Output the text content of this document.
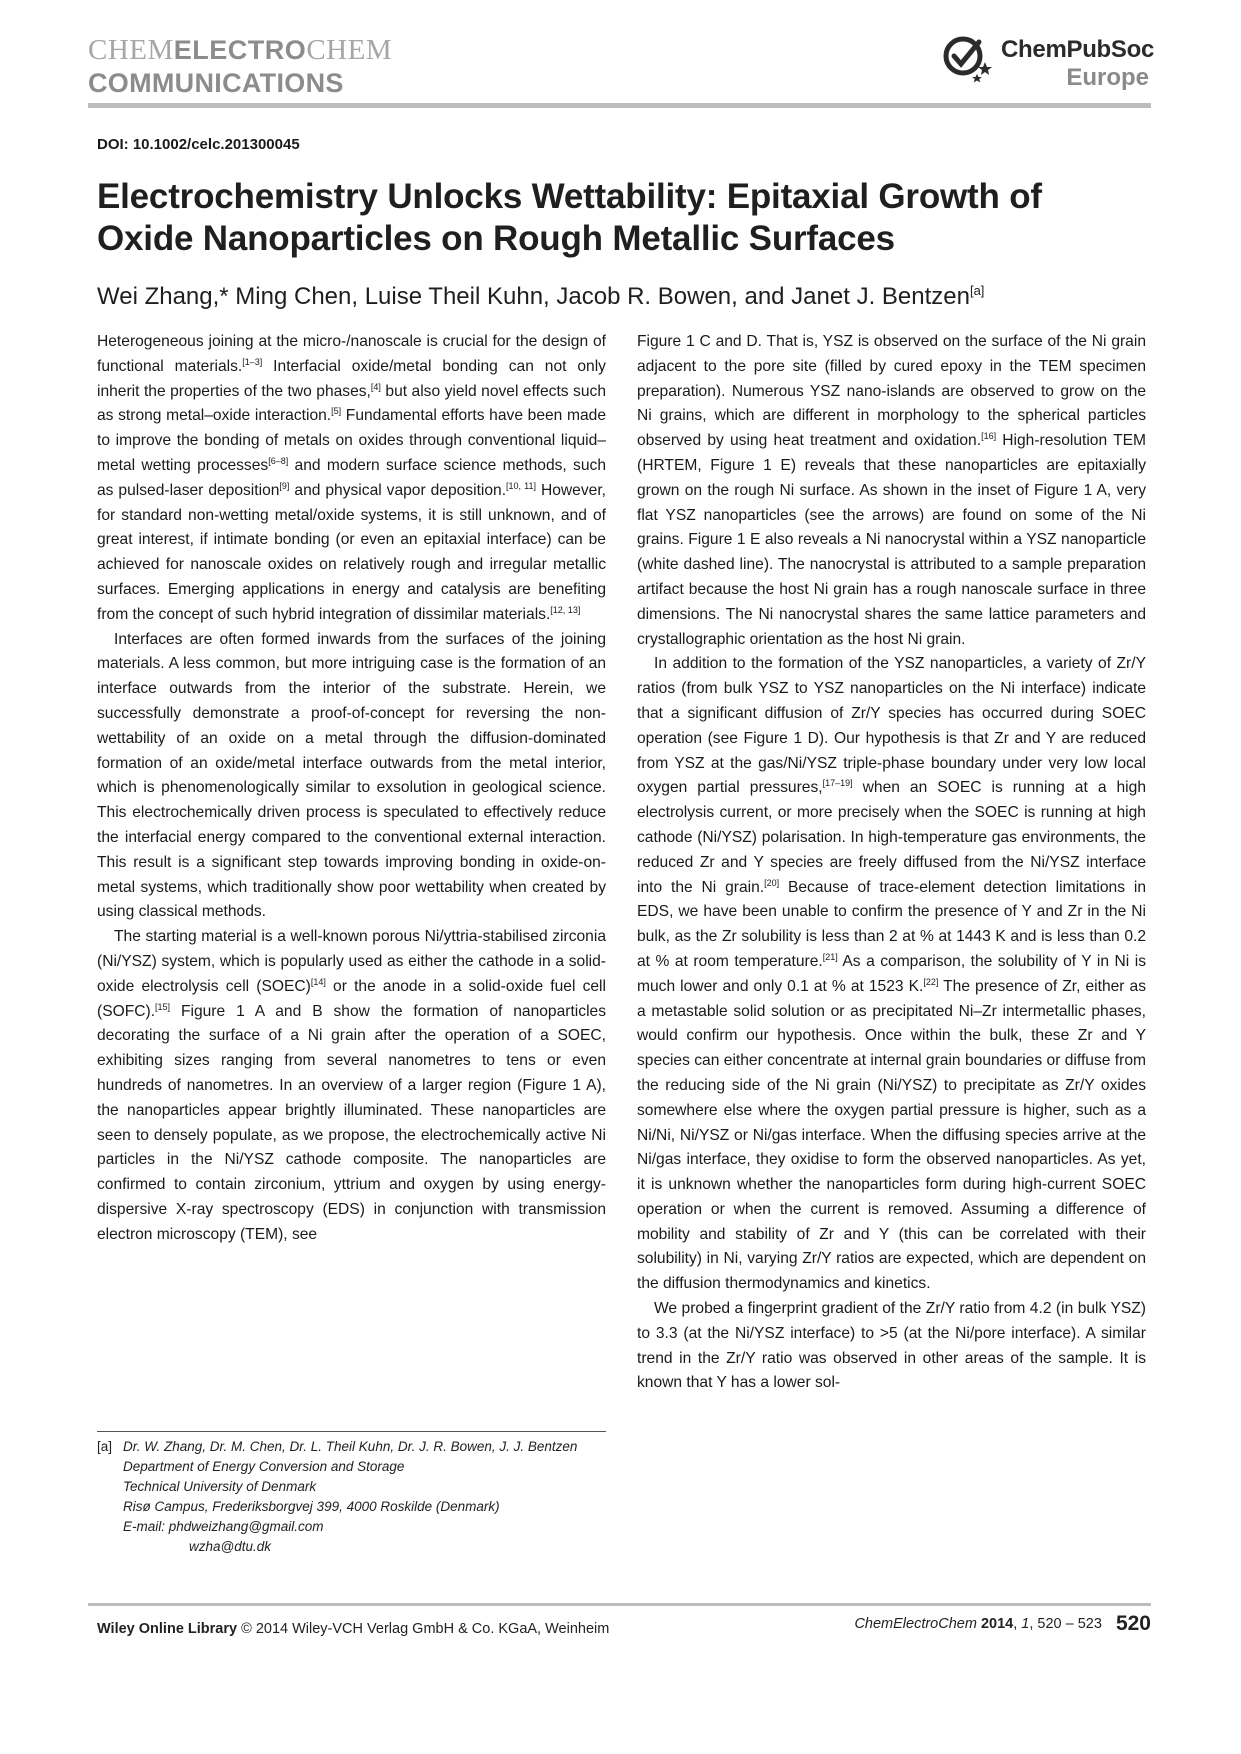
CHEMELECTROCHEM
COMMUNICATIONS
ChemPubSoc
Europe
DOI: 10.1002/celc.201300045
Electrochemistry Unlocks Wettability: Epitaxial Growth of Oxide Nanoparticles on Rough Metallic Surfaces
Wei Zhang,* Ming Chen, Luise Theil Kuhn, Jacob R. Bowen, and Janet J. Bentzen[a]

Heterogeneous joining at the micro-/nanoscale is crucial for the design of functional materials.[1–3] Interfacial oxide/metal bonding can not only inherit the properties of the two phases,[4] but also yield novel effects such as strong metal–oxide interaction.[5] Fundamental efforts have been made to improve the bonding of metals on oxides through conventional liquid–metal wetting processes[6–8] and modern surface science methods, such as pulsed-laser deposition[9] and physical vapor deposition.[10, 11] However, for standard non-wetting metal/oxide systems, it is still unknown, and of great interest, if intimate bonding (or even an epitaxial interface) can be achieved for nanoscale oxides on relatively rough and irregular metallic surfaces. Emerging applications in energy and catalysis are benefiting from the concept of such hybrid integration of dissimilar materials.[12, 13]

Interfaces are often formed inwards from the surfaces of the joining materials. A less common, but more intriguing case is the formation of an interface outwards from the interior of the substrate. Herein, we successfully demonstrate a proof-of-concept for reversing the non-wettability of an oxide on a metal through the diffusion-dominated formation of an oxide/metal interface outwards from the metal interior, which is phenomenologically similar to exsolution in geological science. This electrochemically driven process is speculated to effectively reduce the interfacial energy compared to the conventional external interaction. This result is a significant step towards improving bonding in oxide-on-metal systems, which traditionally show poor wettability when created by using classical methods.

The starting material is a well-known porous Ni/yttria-stabilised zirconia (Ni/YSZ) system, which is popularly used as either the cathode in a solid-oxide electrolysis cell (SOEC)[14] or the anode in a solid-oxide fuel cell (SOFC).[15] Figure 1 A and B show the formation of nanoparticles decorating the surface of a Ni grain after the operation of a SOEC, exhibiting sizes ranging from several nanometres to tens or even hundreds of nanometres. In an overview of a larger region (Figure 1 A), the nanoparticles appear brightly illuminated. These nanoparticles are seen to densely populate, as we propose, the electrochemically active Ni particles in the Ni/YSZ cathode composite. The nanoparticles are confirmed to contain zirconium, yttrium and oxygen by using energy-dispersive X-ray spectroscopy (EDS) in conjunction with transmission electron microscopy (TEM), see

Figure 1 C and D. That is, YSZ is observed on the surface of the Ni grain adjacent to the pore site (filled by cured epoxy in the TEM specimen preparation). Numerous YSZ nano-islands are observed to grow on the Ni grains, which are different in morphology to the spherical particles observed by using heat treatment and oxidation.[16] High-resolution TEM (HRTEM, Figure 1 E) reveals that these nanoparticles are epitaxially grown on the rough Ni surface. As shown in the inset of Figure 1 A, very flat YSZ nanoparticles (see the arrows) are found on some of the Ni grains. Figure 1 E also reveals a Ni nanocrystal within a YSZ nanoparticle (white dashed line). The nanocrystal is attributed to a sample preparation artifact because the host Ni grain has a rough nanoscale surface in three dimensions. The Ni nanocrystal shares the same lattice parameters and crystallographic orientation as the host Ni grain.

In addition to the formation of the YSZ nanoparticles, a variety of Zr/Y ratios (from bulk YSZ to YSZ nanoparticles on the Ni interface) indicate that a significant diffusion of Zr/Y species has occurred during SOEC operation (see Figure 1 D). Our hypothesis is that Zr and Y are reduced from YSZ at the gas/Ni/YSZ triple-phase boundary under very low local oxygen partial pressures,[17–19] when an SOEC is running at a high electrolysis current, or more precisely when the SOEC is running at high cathode (Ni/YSZ) polarisation. In high-temperature gas environments, the reduced Zr and Y species are freely diffused from the Ni/YSZ interface into the Ni grain.[20] Because of trace-element detection limitations in EDS, we have been unable to confirm the presence of Y and Zr in the Ni bulk, as the Zr solubility is less than 2 at % at 1443 K and is less than 0.2 at % at room temperature.[21] As a comparison, the solubility of Y in Ni is much lower and only 0.1 at % at 1523 K.[22] The presence of Zr, either as a metastable solid solution or as precipitated Ni–Zr intermetallic phases, would confirm our hypothesis. Once within the bulk, these Zr and Y species can either concentrate at internal grain boundaries or diffuse from the reducing side of the Ni grain (Ni/YSZ) to precipitate as Zr/Y oxides somewhere else where the oxygen partial pressure is higher, such as a Ni/Ni, Ni/YSZ or Ni/gas interface. When the diffusing species arrive at the Ni/gas interface, they oxidise to form the observed nanoparticles. As yet, it is unknown whether the nanoparticles form during high-current SOEC operation or when the current is removed. Assuming a difference of mobility and stability of Zr and Y (this can be correlated with their solubility) in Ni, varying Zr/Y ratios are expected, which are dependent on the diffusion thermodynamics and kinetics.

We probed a fingerprint gradient of the Zr/Y ratio from 4.2 (in bulk YSZ) to 3.3 (at the Ni/YSZ interface) to >5 (at the Ni/pore interface). A similar trend in the Zr/Y ratio was observed in other areas of the sample. It is known that Y has a lower sol-

[a] Dr. W. Zhang, Dr. M. Chen, Dr. L. Theil Kuhn, Dr. J. R. Bowen, J. J. Bentzen
Department of Energy Conversion and Storage
Technical University of Denmark
Risø Campus, Frederiksborgvej 399, 4000 Roskilde (Denmark)
E-mail: phdweizhang@gmail.com
wzha@dtu.dk
Wiley Online Library © 2014 Wiley-VCH Verlag GmbH & Co. KGaA, Weinheim	ChemElectroChem 2014, 1, 520 – 523 520
